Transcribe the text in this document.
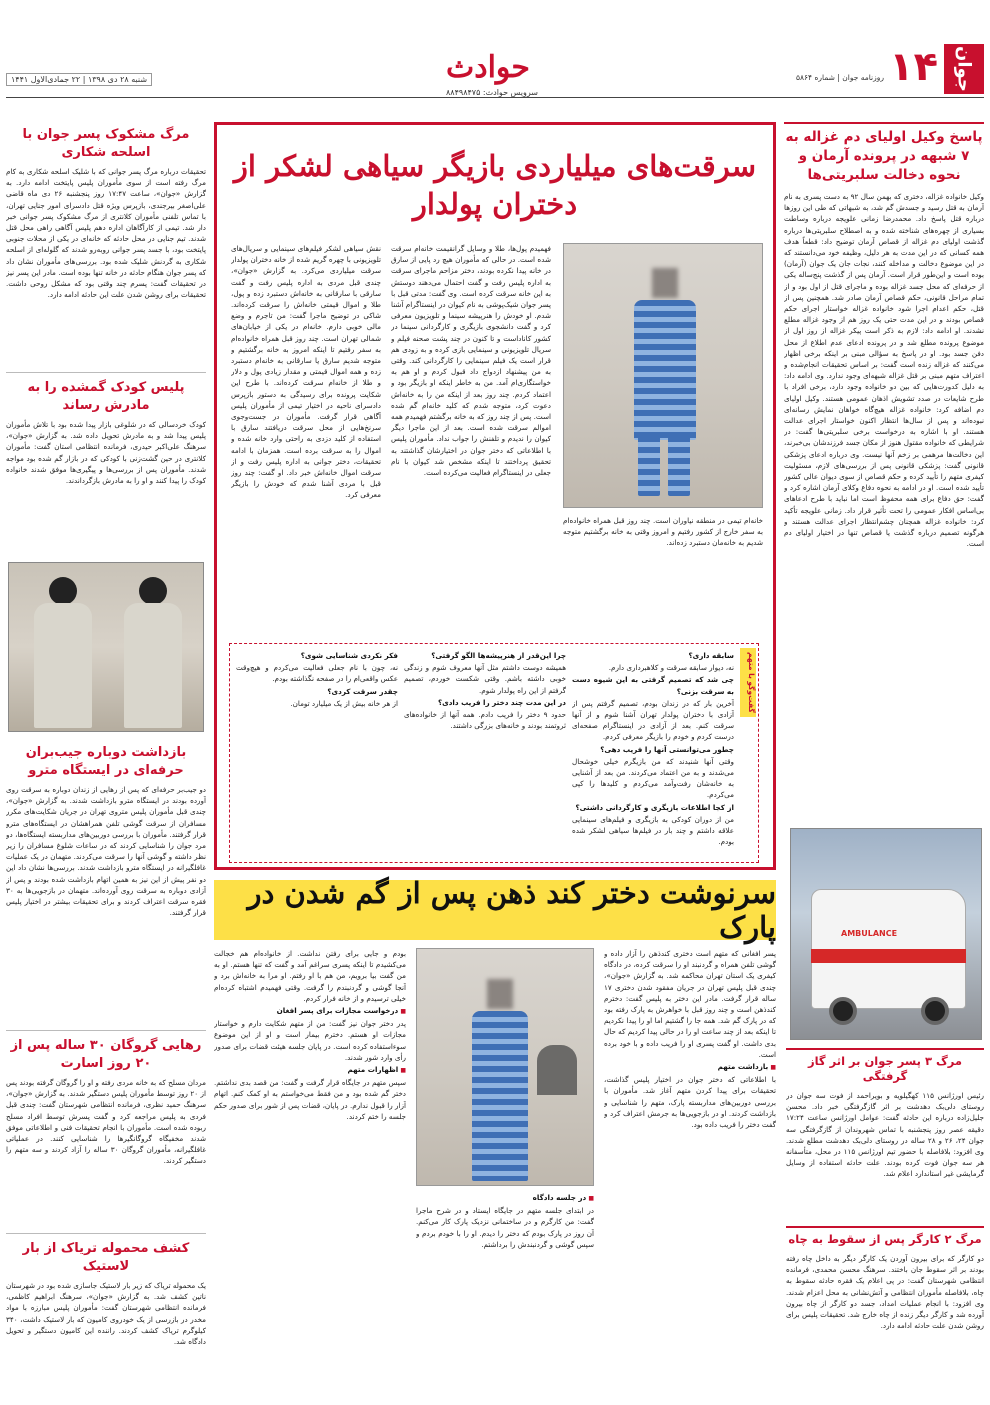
جوان
۱۴
روزنامه جوان | شماره ۵۸۶۴
حوادث
سرویس حوادث: ۸۸۴۹۸۴۷۵
شنبه ۲۸ دی ۱۳۹۸ | ۲۲ جمادی‌الاول ۱۴۴۱
پاسخ وکیل اولیای دم غزاله به ۷ شبهه در پرونده آرمان و نحوه دخالت سلبریتی‌ها
وکیل خانواده غزاله، دختری که بهمن سال ۹۲ به دست پسری به نام آرمان به قتل رسید و جسدش گم شد، به شبهاتی که طی این روزها درباره قتل پاسخ داد. محمدرضا زمانی علویجه درباره وساطت بسیاری از چهره‌های شناخته شده و به اصطلاح سلبریتی‌ها درباره گذشت اولیای دم غزاله از قصاص آرمان توضیح داد: قطعاً هدف همه کسانی که در این مدت به هر دلیل، وظیفه خود می‌دانستند که در این موضوع دخالت و مداخله کنند، نجات جان یک جوان (آرمان) بوده است و این‌طور قرار است. آرمان پس از گذشت پنج‌ساله یکی از حرفه‌ای که محل جسد غزاله بوده و ماجرای قتل از اول بود و از تمام مراحل قانونی، حکم قصاص آرمان صادر شد. همچنین پس از قتل، حکم اعدام اجرا شود خانواده غزاله خواستار اجرای حکم قصاص بودند و در این مدت حتی یک روز هم از وجود غزاله مطلع نشدند. او ادامه داد: لازم به ذکر است پیکر غزاله از روز اول از موضوع پرونده مطلع شد و در پرونده ادعای عدم اطلاع از محل دفن جسد بود. او در پاسخ به سؤالی مبنی بر اینکه برخی اظهار می‌کنند که غزاله زنده است گفت: بر اساس تحقیقات انجام‌شده و اعتراف متهم مبنی بر قتل غزاله شبهه‌ای وجود ندارد. وی ادامه داد: به دلیل کدورت‌هایی که بین دو خانواده وجود دارد، برخی افراد با طرح شایعات در صدد تشویش اذهان عمومی هستند. وکیل اولیای دم اضافه کرد: خانواده غزاله هیچ‌گاه خواهان نمایش رسانه‌ای نبوده‌اند و پس از سال‌ها انتظار اکنون خواستار اجرای عدالت هستند. او با اشاره به درخواست برخی سلبریتی‌ها گفت: در شرایطی که خانواده مقتول هنوز از مکان جسد فرزندشان بی‌خبرند، این دخالت‌ها مرهمی بر زخم آنها نیست. وی درباره ادعای پزشکی قانونی گفت: پزشکی قانونی پس از بررسی‌های لازم، مسئولیت کیفری متهم را تأیید کرده و حکم قصاص از سوی دیوان عالی کشور تأیید شده است. او در ادامه به نحوه دفاع وکلای آرمان اشاره کرد و گفت: حق دفاع برای همه محفوظ است اما نباید با طرح ادعاهای بی‌اساس افکار عمومی را تحت تأثیر قرار داد. زمانی علویجه تأکید کرد: خانواده غزاله همچنان چشم‌انتظار اجرای عدالت هستند و هرگونه تصمیم درباره گذشت یا قصاص تنها در اختیار اولیای دم است.
AMBULANCE
مرگ ۳ پسر جوان بر اثر گاز گرفتگی
رئیس اورژانس ۱۱۵ کهگیلویه و بویراحمد از فوت سه جوان در روستای دلی‌بک دهدشت بر اثر گازگرفتگی خبر داد. محسن جلیل‌زاده درباره این حادثه گفت: عوامل اورژانس ساعت ۱۷:۲۴ دقیقه عصر روز پنجشنبه با تماس شهروندان از گازگرفتگی سه جوان ۲۴، ۲۶ و ۲۸ ساله در روستای دلی‌بک دهدشت مطلع شدند. وی افزود: بلافاصله با حضور تیم اورژانس ۱۱۵ در محل، متأسفانه هر سه جوان فوت کرده بودند. علت حادثه استفاده از وسایل گرمایشی غیر استاندارد اعلام شد.
مرگ ۲ کارگر پس از سقوط به چاه
دو کارگر که برای بیرون آوردن یک کارگر دیگر به داخل چاه رفته بودند بر اثر سقوط جان باختند. سرهنگ محسن محمدی، فرمانده انتظامی شهرستان گفت: در پی اعلام یک فقره حادثه سقوط به چاه، بلافاصله مأموران انتظامی و آتش‌نشانی به محل اعزام شدند. وی افزود: با انجام عملیات امداد، جسد دو کارگر از چاه بیرون آورده شد و کارگر دیگر زنده از چاه خارج شد. تحقیقات پلیس برای روشن شدن علت حادثه ادامه دارد.
سرقت‌های میلیاردی بازیگر سیاهی لشکر از دختران پولدار
فهمیدم پول‌ها، طلا و وسایل گرانقیمت خانه‌ام سرقت شده است. در حالی که مأموران هیچ رد پایی از سارق در خانه پیدا نکرده بودند، دختر مزاحم ماجرای سرقت به اداره پلیس رفت و گفت احتمال می‌دهند دوستش به این خانه سرقت کرده است. وی گفت: مدتی قبل با پسر جوان شیک‌پوشی به نام کیوان در اینستاگرام آشنا شدم. او خودش را هنرپیشه سینما و تلویزیون معرفی کرد و گفت دانشجوی بازیگری و کارگردانی سینما در کشور کاناداست و تا کنون در چند پشت صحنه فیلم و سریال تلویزیونی و سینمایی بازی کرده و به زودی هم قرار است یک فیلم سینمایی را کارگردانی کند. وقتی به من پیشنهاد ازدواج داد قبول کردم و او هم به خواستگاری‌ام آمد. من به خاطر اینکه او بازیگر بود و اعتماد کردم. چند روز بعد از اینکه من را به خانه‌اش دعوت کرد، متوجه شدم که کلید خانه‌ام گم شده است. پس از چند روز که به خانه برگشتم فهمیدم همه اموالم سرقت شده است. بعد از این ماجرا دیگر کیوان را ندیدم و تلفنش را جواب نداد. مأموران پلیس با اطلاعاتی که دختر جوان در اختیارشان گذاشتند به تحقیق پرداختند تا اینکه مشخص شد کیوان با نام جعلی در اینستاگرام فعالیت می‌کرده است.
نقش سیاهی لشکر فیلم‌های سینمایی و سریال‌های تلویزیونی با چهره گریم شده از خانه دختران پولدار سرقت میلیاردی می‌کرد. به گزارش «جوان»، چندی قبل مردی به اداره پلیس رفت و گفت سارقی با سارقانی به خانه‌اش دستبرد زده و پول، طلا و اموال قیمتی خانه‌اش را سرقت کرده‌اند. شاکی در توضیح ماجرا گفت: من تاجرم و وضع مالی خوبی دارم. خانه‌ام در یکی از خیابان‌های شمالی تهران است. چند روز قبل همراه خانواده‌ام به سفر رفتیم تا اینکه امروز به خانه برگشتیم و متوجه شدیم سارق یا سارقانی به خانه‌ام دستبرد زده و همه اموال قیمتی و مقدار زیادی پول و دلار و طلا از خانه‌ام سرقت کرده‌اند. با طرح این شکایت پرونده برای رسیدگی به دستور بازپرس دادسرای ناحیه در اختیار تیمی از مأموران پلیس آگاهی قرار گرفت. مأموران در جست‌وجوی سرنخ‌هایی از محل سرقت دریافتند سارق با استفاده از کلید دزدی به راحتی وارد خانه شده و اموال را به سرقت برده است. همزمان با ادامه تحقیقات، دختر جوانی به اداره پلیس رفت و از سرقت اموال خانه‌اش خبر داد. او گفت: چند روز قبل با مردی آشنا شدم که خودش را بازیگر معرفی کرد.
خانه‌ام تیمی در منطقه نیاوران است. چند روز قبل همراه خانواده‌ام به سفر خارج از کشور رفتیم و امروز وقتی به خانه برگشتیم متوجه شدیم به خانه‌مان دستبرد زده‌اند.
گفت‌وگو با متهم

سابقه داری؟

نه، دیوار سابقه سرقت و کلاهبرداری دارم.

چی شد که تصمیم گرفتی به این شیوه دست به سرقت بزنی؟

آخرین بار که در زندان بودم، تصمیم گرفتم پس از آزادی با دختران پولدار تهران آشنا شوم و از آنها سرقت کنم. بعد از آزادی در اینستاگرام صفحه‌ای درست کردم و خودم را بازیگر معرفی کردم.

چطور می‌توانستی آنها را فریب دهی؟

وقتی آنها شنیدند که من بازیگرم خیلی خوشحال می‌شدند و به من اعتماد می‌کردند. من بعد از آشنایی به خانه‌شان رفت‌وآمد می‌کردم و کلیدها را کپی می‌کردم.

از کجا اطلاعات بازیگری و کارگردانی داشتی؟

من از دوران کودکی به بازیگری و فیلم‌های سینمایی علاقه داشتم و چند بار در فیلم‌ها سیاهی لشکر شده بودم.

چرا این‌قدر از هنرپیشه‌ها الگو گرفتی؟

همیشه دوست داشتم مثل آنها معروف شوم و زندگی خوبی داشته باشم. وقتی شکست خوردم، تصمیم گرفتم از این راه پولدار شوم.

در این مدت چند دختر را فریب دادی؟

حدود ۹ دختر را فریب دادم. همه آنها از خانواده‌های ثروتمند بودند و خانه‌های بزرگی داشتند.

فکر نکردی شناسایی شوی؟

نه، چون با نام جعلی فعالیت می‌کردم و هیچ‌وقت عکس واقعی‌ام را در صفحه نگذاشته بودم.

چقدر سرقت کردی؟

از هر خانه بیش از یک میلیارد تومان.

سرنوشت دختر کند ذهن پس از گم شدن در پارک

پسر افغانی که متهم است دختری کندذهن را آزار داده و گوشی تلفن همراه و گردنبند او را سرقت کرده، در دادگاه کیفری یک استان تهران محاکمه شد. به گزارش «جوان»، چندی قبل پلیس تهران در جریان مفقود شدن دختری ۱۷ ساله قرار گرفت. مادر این دختر به پلیس گفت: دخترم کندذهن است و چند روز قبل با خواهرش به پارک رفته بود که در پارک گم شد. همه جا را گشتیم اما او را پیدا نکردیم تا اینکه بعد از چند ساعت او را در حالی پیدا کردیم که حال بدی داشت. او گفت پسری او را فریب داده و با خود برده است.

■ بازداشت متهم

با اطلاعاتی که دختر جوان در اختیار پلیس گذاشت، تحقیقات برای پیدا کردن متهم آغاز شد. مأموران با بررسی دوربین‌های مداربسته پارک، متهم را شناسایی و بازداشت کردند. او در بازجویی‌ها به جرمش اعتراف کرد و گفت دختر را فریب داده بود.

■ در جلسه دادگاه

در ابتدای جلسه متهم در جایگاه ایستاد و در شرح ماجرا گفت: من کارگرم و در ساختمانی نزدیک پارک کار می‌کنم. آن روز در پارک بودم که دختر را دیدم. او را با خودم بردم و سپس گوشی و گردنبندش را برداشتم.

بودم و جایی برای رفتن نداشت. از خانواده‌ام هم خجالت می‌کشیدم تا اینکه پسری سراغم آمد و گفت که تنها هستم. او به من گفت بیا برویم، من هم با او رفتم. او مرا به خانه‌اش برد و آنجا گوشی و گردنبندم را گرفت. وقتی فهمیدم اشتباه کرده‌ام خیلی ترسیدم و از خانه فرار کردم.

■ درخواست مجازات برای پسر افغان

پدر دختر جوان نیز گفت: من از متهم شکایت دارم و خواستار مجازات او هستم. دخترم بیمار است و او از این موضوع سوءاستفاده کرده است. در پایان جلسه هیئت قضات برای صدور رأی وارد شور شدند.

■ اظهارات متهم

سپس متهم در جایگاه قرار گرفت و گفت: من قصد بدی نداشتم. دختر گم شده بود و من فقط می‌خواستم به او کمک کنم. اتهام آزار را قبول ندارم. در پایان، قضات پس از شور برای صدور حکم جلسه را ختم کردند.

مرگ مشکوک پسر جوان با اسلحه شکاری
تحقیقات درباره مرگ پسر جوانی که با شلیک اسلحه شکاری به کام مرگ رفته است از سوی مأموران پلیس پایتخت ادامه دارد. به گزارش «جوان»، ساعت ۱۷:۴۷ روز پنجشنبه ۲۶ دی ماه قاضی علی‌اصغر بیرجندی، بازپرس ویژه قتل دادسرای امور جنایی تهران، با تماس تلفنی مأموران کلانتری از مرگ مشکوک پسر جوانی خبر دار شد. تیمی از کارآگاهان اداره دهم پلیس آگاهی راهی محل قتل شدند. تیم جنایی در محل حادثه که خانه‌ای در یکی از محلات جنوبی پایتخت بود، با جسد پسر جوانی روبه‌رو شدند که گلوله‌ای از اسلحه شکاری به گردنش شلیک شده بود. بررسی‌های مأموران نشان داد که پسر جوان هنگام حادثه در خانه تنها بوده است. مادر این پسر نیز در تحقیقات گفت: پسرم چند وقتی بود که مشکل روحی داشت. تحقیقات برای روشن شدن علت این حادثه ادامه دارد.
پلیس کودک گمشده را به مادرش رساند
کودک خردسالی که در شلوغی بازار پیدا شده بود با تلاش مأموران پلیس پیدا شد و به مادرش تحویل داده شد. به گزارش «جوان»، سرهنگ علی‌اکبر حیدری، فرمانده انتظامی استان گفت: مأموران کلانتری در حین گشت‌زنی با کودکی که در بازار گم شده بود مواجه شدند. مأموران پس از بررسی‌ها و پیگیری‌ها موفق شدند خانواده کودک را پیدا کنند و او را به مادرش بازگرداندند.
بازداشت دوباره جیب‌بران حرفه‌ای در ایستگاه مترو
دو جیب‌بر حرفه‌ای که پس از رهایی از زندان دوباره به سرقت روی آورده بودند در ایستگاه مترو بازداشت شدند. به گزارش «جوان»، چندی قبل مأموران پلیس متروی تهران در جریان شکایت‌های مکرر مسافران از سرقت گوشی تلفن همراهشان در ایستگاه‌های مترو قرار گرفتند. مأموران با بررسی دوربین‌های مداربسته ایستگاه‌ها، دو مرد جوان را شناسایی کردند که در ساعات شلوغ مسافران را زیر نظر داشته و گوشی آنها را سرقت می‌کردند. متهمان در یک عملیات غافلگیرانه در ایستگاه مترو بازداشت شدند. بررسی‌ها نشان داد این دو نفر پیش از این نیز به همین اتهام بازداشت شده بودند و پس از آزادی دوباره به سرقت روی آورده‌اند. متهمان در بازجویی‌ها به ۳۰ فقره سرقت اعتراف کردند و برای تحقیقات بیشتر در اختیار پلیس قرار گرفتند.
رهایی گروگان ۳۰ ساله پس از ۲۰ روز اسارت
مردان مسلح که به خانه مردی رفته و او را گروگان گرفته بودند پس از ۲۰ روز توسط مأموران پلیس دستگیر شدند. به گزارش «جوان»، سرهنگ حمید نظری، فرمانده انتظامی شهرستان گفت: چندی قبل فردی به پلیس مراجعه کرد و گفت پسرش توسط افراد مسلح ربوده شده است. مأموران با انجام تحقیقات فنی و اطلاعاتی موفق شدند مخفیگاه گروگانگیرها را شناسایی کنند. در عملیاتی غافلگیرانه، مأموران گروگان ۳۰ ساله را آزاد کردند و سه متهم را دستگیر کردند.
کشف محموله تریاک از بار لاستیک
یک محموله تریاک که زیر بار لاستیک جاسازی شده بود در شهرستان ناتین کشف شد. به گزارش «جوان»، سرهنگ ابراهیم کاظمی، فرمانده انتظامی شهرستان گفت: مأموران پلیس مبارزه با مواد مخدر در بازرسی از یک خودروی کامیون که بار لاستیک داشت، ۳۴۰ کیلوگرم تریاک کشف کردند. راننده این کامیون دستگیر و تحویل دادگاه شد.
